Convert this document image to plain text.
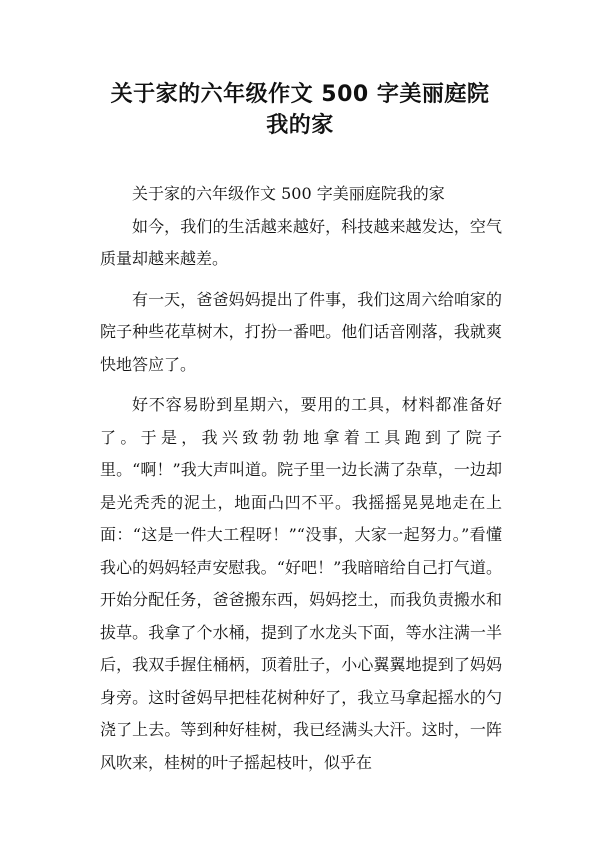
关于家的六年级作文 500 字美丽庭院
我的家

关于家的六年级作文 500 字美丽庭院我的家

如今，我们的生活越来越好，科技越来越发达，空气质量却越来越差。

有一天，爸爸妈妈提出了件事，我们这周六给咱家的院子种些花草树木，打扮一番吧。他们话音刚落，我就爽快地答应了。

好不容易盼到星期六，要用的工具，材料都准备好了。于是，我兴致勃勃地拿着工具跑到了院子里。“啊！”我大声叫道。院子里一边长满了杂草，一边却是光秃秃的泥土，地面凸凹不平。我摇摇晃晃地走在上面：“这是一件大工程呀！”“没事，大家一起努力。”看懂我心的妈妈轻声安慰我。“好吧！”我暗暗给自己打气道。开始分配任务，爸爸搬东西，妈妈挖土，而我负责搬水和拔草。我拿了个水桶，提到了水龙头下面，等水注满一半后，我双手握住桶柄，顶着肚子，小心翼翼地提到了妈妈身旁。这时爸妈早把桂花树种好了，我立马拿起摇水的勺浇了上去。等到种好桂树，我已经满头大汗。这时，一阵风吹来，桂树的叶子摇起枝叶，似乎在
